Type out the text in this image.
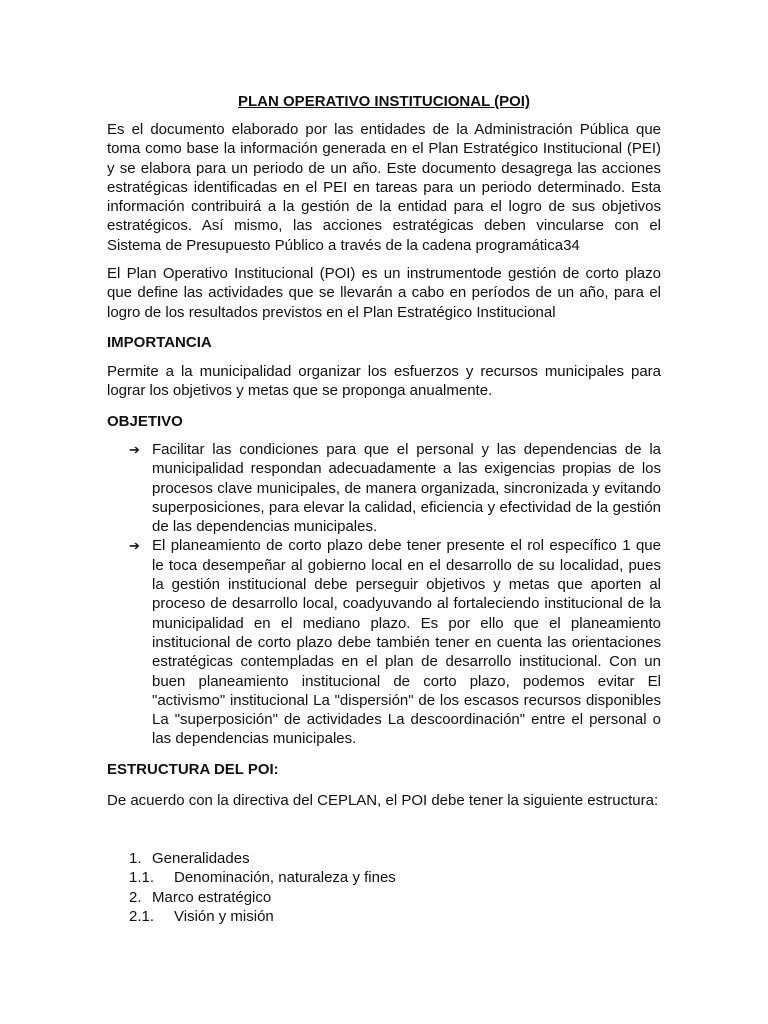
PLAN OPERATIVO INSTITUCIONAL (POI)

Es el documento elaborado por las entidades de la Administración Pública que toma como base la información generada en el Plan Estratégico Institucional (PEI) y se elabora para un periodo de un año. Este documento desagrega las acciones estratégicas identificadas en el PEI en tareas para un periodo determinado. Esta información contribuirá a la gestión de la entidad para el logro de sus objetivos estratégicos. Así mismo, las acciones estratégicas deben vincularse con el Sistema de Presupuesto Público a través de la cadena programática34

El Plan Operativo Institucional (POI) es un instrumentode gestión de corto plazo que define las actividades que se llevarán a cabo en períodos de un año, para el logro de los resultados previstos en el Plan Estratégico Institucional

IMPORTANCIA

Permite a la municipalidad organizar los esfuerzos y recursos municipales para lograr los objetivos y metas que se proponga anualmente.

OBJETIVO
➔ Facilitar las condiciones para que el personal y las dependencias de la municipalidad respondan adecuadamente a las exigencias propias de los procesos clave municipales, de manera organizada, sincronizada y evitando superposiciones, para elevar la calidad, eficiencia y efectividad de la gestión de las dependencias municipales.
➔ El planeamiento de corto plazo debe tener presente el rol específico 1 que le toca desempeñar al gobierno local en el desarrollo de su localidad, pues la gestión institucional debe perseguir objetivos y metas que aporten al proceso de desarrollo local, coadyuvando al fortaleciendo institucional de la municipalidad en el mediano plazo. Es por ello que el planeamiento institucional de corto plazo debe también tener en cuenta las orientaciones estratégicas contempladas en el plan de desarrollo institucional. Con un buen planeamiento institucional de corto plazo, podemos evitar El "activismo" institucional La "dispersión" de los escasos recursos disponibles La "superposición" de actividades La descoordinación" entre el personal o las dependencias municipales.
ESTRUCTURA DEL POI:

De acuerdo con la directiva del CEPLAN, el POI debe tener la siguiente estructura:

1. Generalidades
1.1. Denominación, naturaleza y fines
2. Marco estratégico
2.1. Visión y misión
